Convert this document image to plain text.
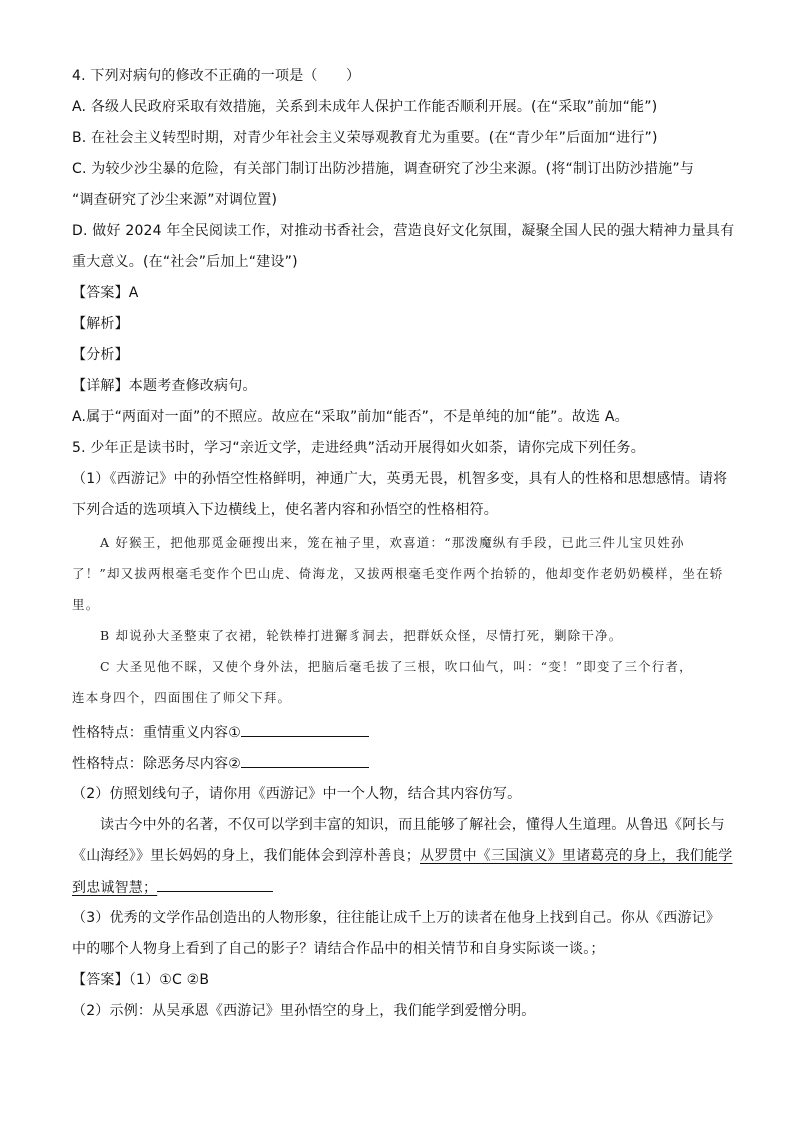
4. 下列对病句的修改不正确的一项是（　　）
A. 各级人民政府采取有效措施，关系到未成年人保护工作能否顺利开展。(在“采取”前加“能”)
B. 在社会主义转型时期，对青少年社会主义荣辱观教育尤为重要。(在“青少年”后面加“进行”)
C. 为较少沙尘暴的危险，有关部门制订出防沙措施，调查研究了沙尘来源。(将“制订出防沙措施”与
“调查研究了沙尘来源”对调位置)
D. 做好 2024 年全民阅读工作，对推动书香社会，营造良好文化氛围，凝聚全国人民的强大精神力量具有
重大意义。(在“社会”后加上“建设”)
【答案】A
【解析】
【分析】
【详解】本题考查修改病句。
A.属于“两面对一面”的不照应。故应在“采取”前加“能否”，不是单纯的加“能”。故选 A。
5. 少年正是读书时，学习“亲近文学，走进经典”活动开展得如火如荼，请你完成下列任务。
（1）《西游记》中的孙悟空性格鲜明，神通广大，英勇无畏，机智多变，具有人的性格和思想感情。请将
下列合适的选项填入下边横线上，使名著内容和孙悟空的性格相符。
A 好猴王，把他那觅金砸搜出来，笼在袖子里，欢喜道：“那泼魔纵有手段，已此三件儿宝贝姓孙
了！”却又拔两根毫毛变作个巴山虎、倚海龙，又拔两根毫毛变作两个抬轿的，他却变作老奶奶模样，坐在轿
里。
B 却说孙大圣整束了衣裙，轮铁棒打进獬豸洞去，把群妖众怪，尽情打死，剿除干净。
C 大圣见他不睬，又使个身外法，把脑后毫毛拔了三根，吹口仙气，叫：“变！”即变了三个行者，
连本身四个，四面围住了师父下拜。
性格特点：重情重义内容①
性格特点：除恶务尽内容②
（2）仿照划线句子，请你用《西游记》中一个人物，结合其内容仿写。
读古今中外的名著，不仅可以学到丰富的知识，而且能够了解社会，懂得人生道理。从鲁迅《阿长与
《山海经》》里长妈妈的身上，我们能体会到淳朴善良；从罗贯中《三国演义》里诸葛亮的身上，我们能学
到忠诚智慧；
（3）优秀的文学作品创造出的人物形象，往往能让成千上万的读者在他身上找到自己。你从《西游记》
中的哪个人物身上看到了自己的影子？请结合作品中的相关情节和自身实际谈一谈。；
【答案】（1）①C ②B
（2）示例：从吴承恩《西游记》里孙悟空的身上，我们能学到爱憎分明。
